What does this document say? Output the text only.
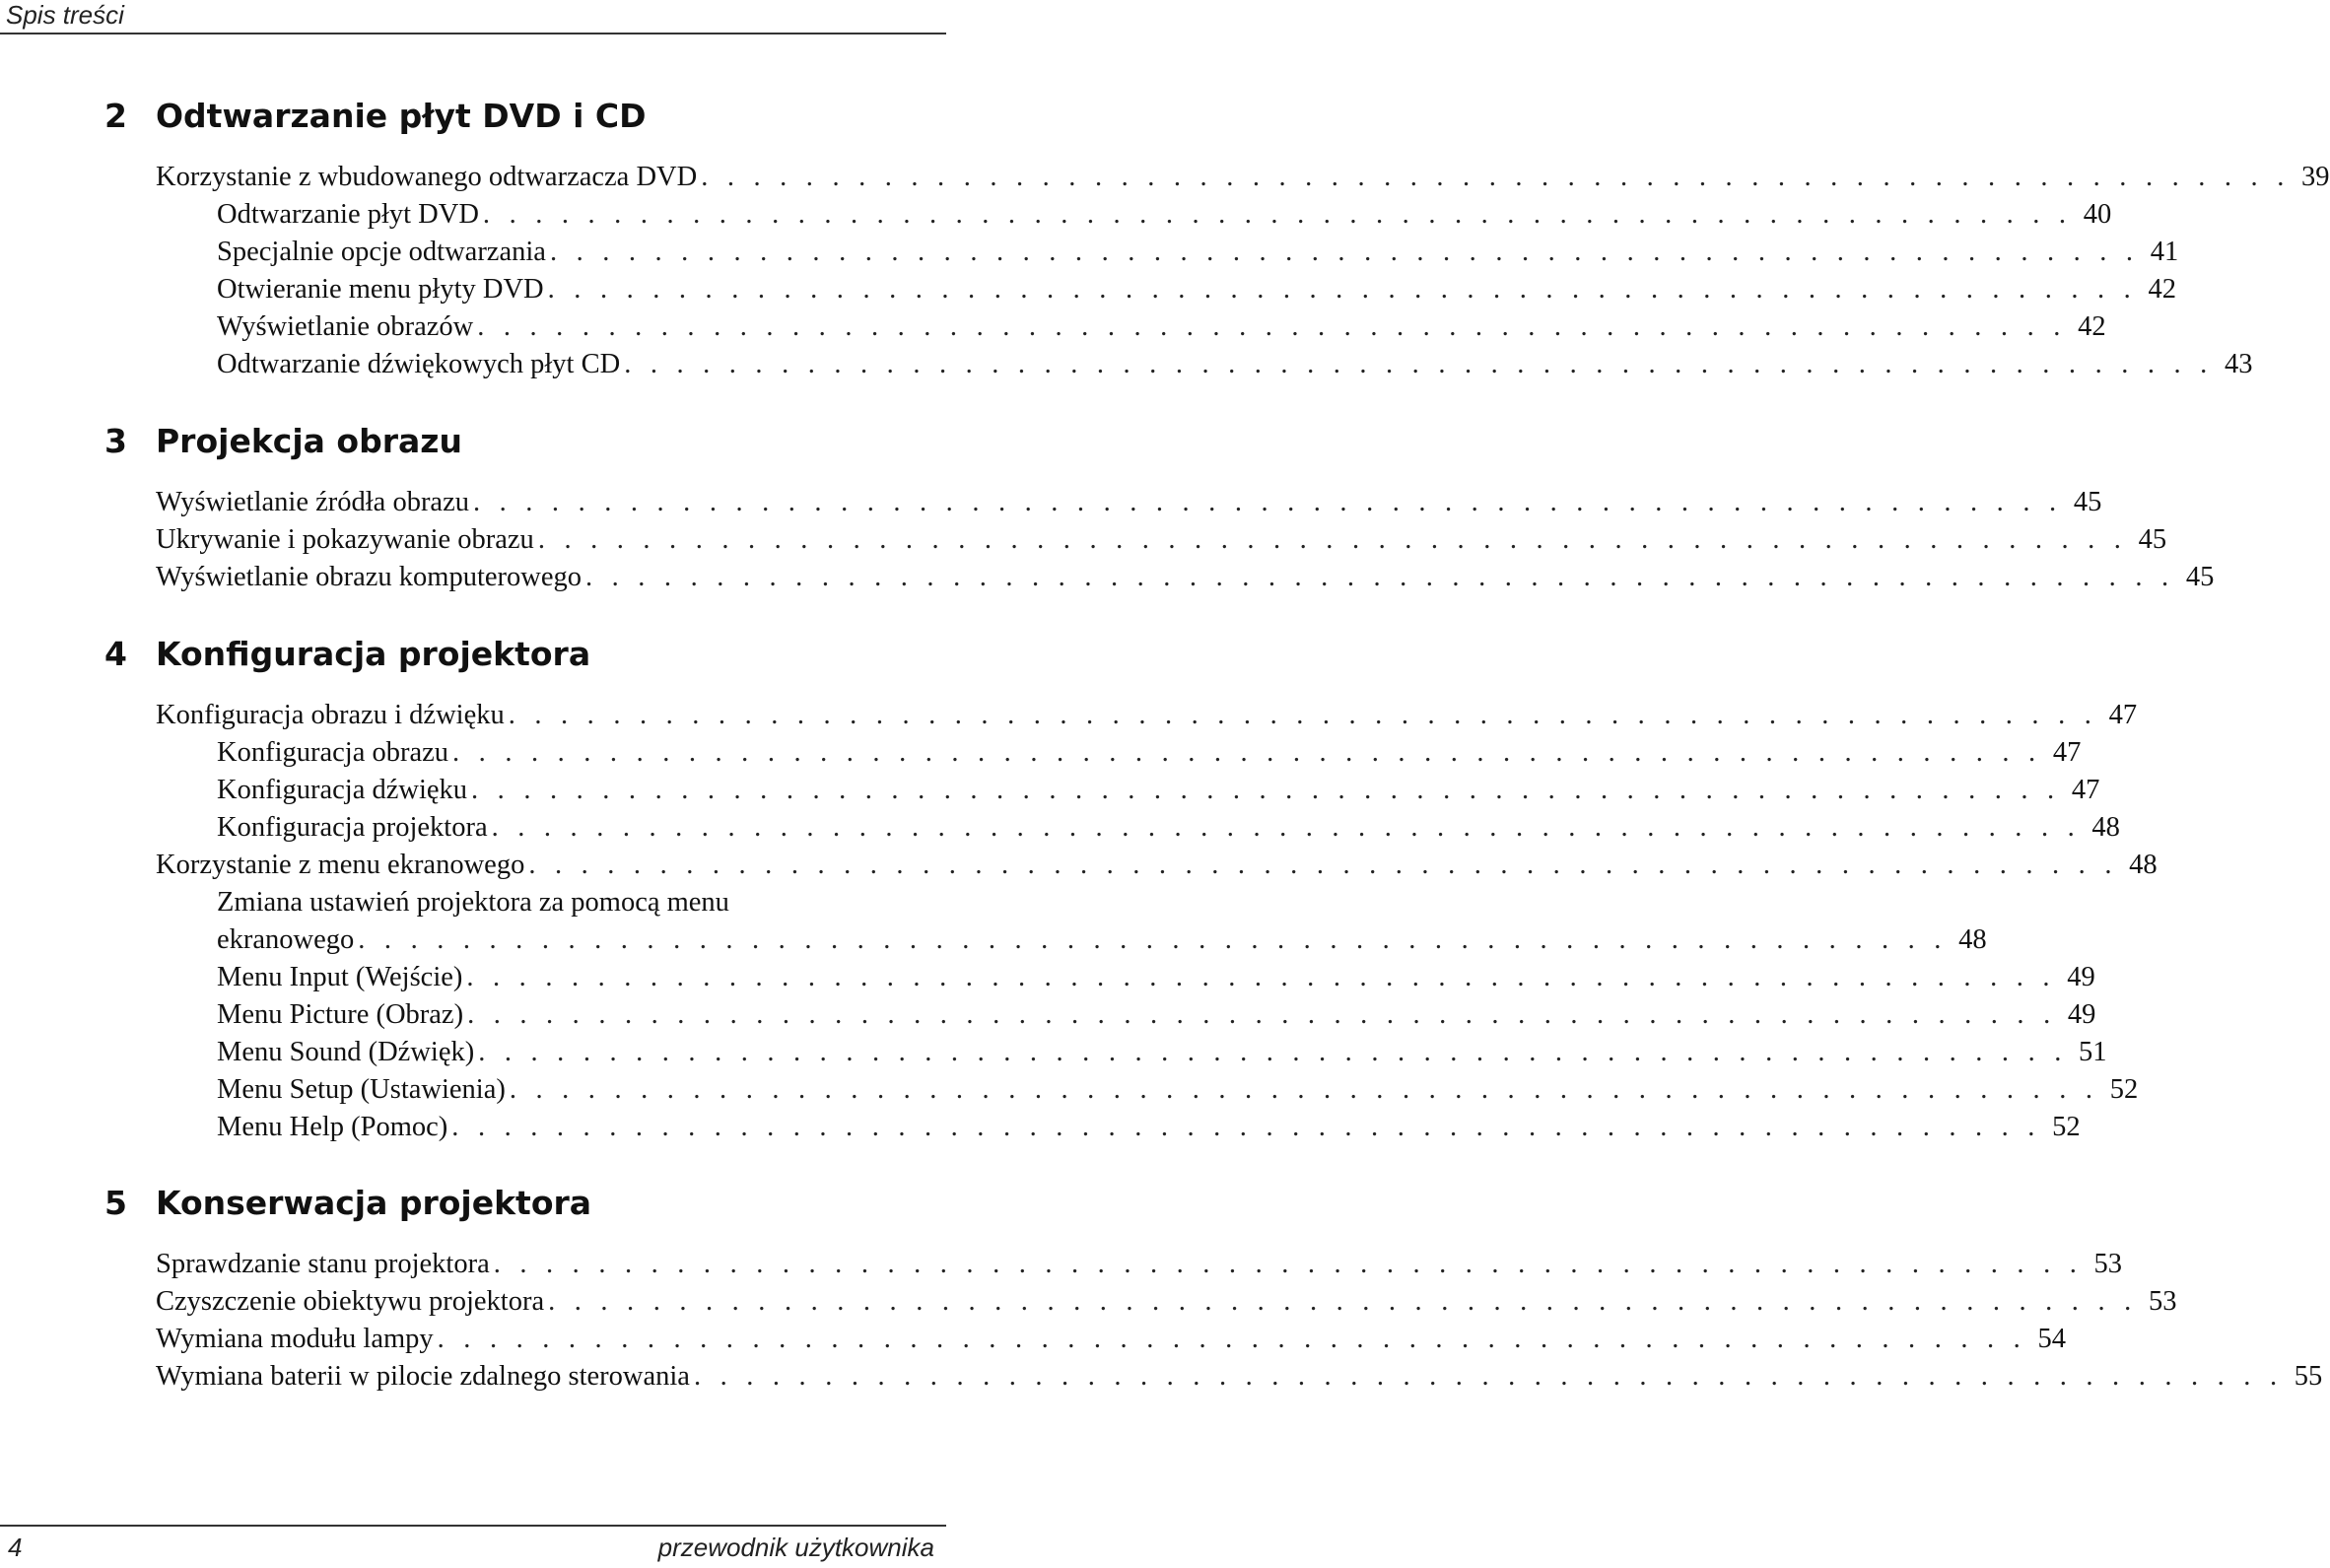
Spis treści
2 Odtwarzanie płyt DVD i CD
Korzystanie z wbudowanego odtwarzacza DVD . . . . . . . . . . . . . . . . . . . . . . . . . . . . . . . . . . . . . . . . . . . . . . . . . . . . . . . . . . . . . 39
Odtwarzanie płyt DVD . . . . . . . . . . . . . . . . . . . . . . . . . . . . . . . . . . . . . . . . . . . . . . . . . . . . . . . . . . . . . 40
Specjalnie opcje odtwarzania . . . . . . . . . . . . . . . . . . . . . . . . . . . . . . . . . . . . . . . . . . . . . . . . . . . . . . . . . . . . . 41
Otwieranie menu płyty DVD . . . . . . . . . . . . . . . . . . . . . . . . . . . . . . . . . . . . . . . . . . . . . . . . . . . . . . . . . . . . . 42
Wyświetlanie obrazów . . . . . . . . . . . . . . . . . . . . . . . . . . . . . . . . . . . . . . . . . . . . . . . . . . . . . . . . . . . . . 42
Odtwarzanie dźwiękowych płyt CD . . . . . . . . . . . . . . . . . . . . . . . . . . . . . . . . . . . . . . . . . . . . . . . . . . . . . . . . . . . . . 43
3 Projekcja obrazu
Wyświetlanie źródła obrazu . . . . . . . . . . . . . . . . . . . . . . . . . . . . . . . . . . . . . . . . . . . . . . . . . . . . . . . . . . . . . 45
Ukrywanie i pokazywanie obrazu . . . . . . . . . . . . . . . . . . . . . . . . . . . . . . . . . . . . . . . . . . . . . . . . . . . . . . . . . . . . . 45
Wyświetlanie obrazu komputerowego . . . . . . . . . . . . . . . . . . . . . . . . . . . . . . . . . . . . . . . . . . . . . . . . . . . . . . . . . . . . . 45
4 Konfiguracja projektora
Konfiguracja obrazu i dźwięku . . . . . . . . . . . . . . . . . . . . . . . . . . . . . . . . . . . . . . . . . . . . . . . . . . . . . . . . . . . . . 47
Konfiguracja obrazu . . . . . . . . . . . . . . . . . . . . . . . . . . . . . . . . . . . . . . . . . . . . . . . . . . . . . . . . . . . . . 47
Konfiguracja dźwięku . . . . . . . . . . . . . . . . . . . . . . . . . . . . . . . . . . . . . . . . . . . . . . . . . . . . . . . . . . . . . 47
Konfiguracja projektora . . . . . . . . . . . . . . . . . . . . . . . . . . . . . . . . . . . . . . . . . . . . . . . . . . . . . . . . . . . . . 48
Korzystanie z menu ekranowego . . . . . . . . . . . . . . . . . . . . . . . . . . . . . . . . . . . . . . . . . . . . . . . . . . . . . . . . . . . . . 48
Zmiana ustawień projektora za pomocą menu
ekranowego . . . . . . . . . . . . . . . . . . . . . . . . . . . . . . . . . . . . . . . . . . . . . . . . . . . . . . . . . . . . . 48
Menu Input (Wejście) . . . . . . . . . . . . . . . . . . . . . . . . . . . . . . . . . . . . . . . . . . . . . . . . . . . . . . . . . . . . . 49
Menu Picture (Obraz) . . . . . . . . . . . . . . . . . . . . . . . . . . . . . . . . . . . . . . . . . . . . . . . . . . . . . . . . . . . . . 49
Menu Sound (Dźwięk) . . . . . . . . . . . . . . . . . . . . . . . . . . . . . . . . . . . . . . . . . . . . . . . . . . . . . . . . . . . . . 51
Menu Setup (Ustawienia) . . . . . . . . . . . . . . . . . . . . . . . . . . . . . . . . . . . . . . . . . . . . . . . . . . . . . . . . . . . . . 52
Menu Help (Pomoc) . . . . . . . . . . . . . . . . . . . . . . . . . . . . . . . . . . . . . . . . . . . . . . . . . . . . . . . . . . . . . 52
5 Konserwacja projektora
Sprawdzanie stanu projektora . . . . . . . . . . . . . . . . . . . . . . . . . . . . . . . . . . . . . . . . . . . . . . . . . . . . . . . . . . . . . 53
Czyszczenie obiektywu projektora . . . . . . . . . . . . . . . . . . . . . . . . . . . . . . . . . . . . . . . . . . . . . . . . . . . . . . . . . . . . . 53
Wymiana modułu lampy . . . . . . . . . . . . . . . . . . . . . . . . . . . . . . . . . . . . . . . . . . . . . . . . . . . . . . . . . . . . . 54
Wymiana baterii w pilocie zdalnego sterowania . . . . . . . . . . . . . . . . . . . . . . . . . . . . . . . . . . . . . . . . . . . . . . . . . . . . . . . . . . . . . 55
4	przewodnik użytkownika
